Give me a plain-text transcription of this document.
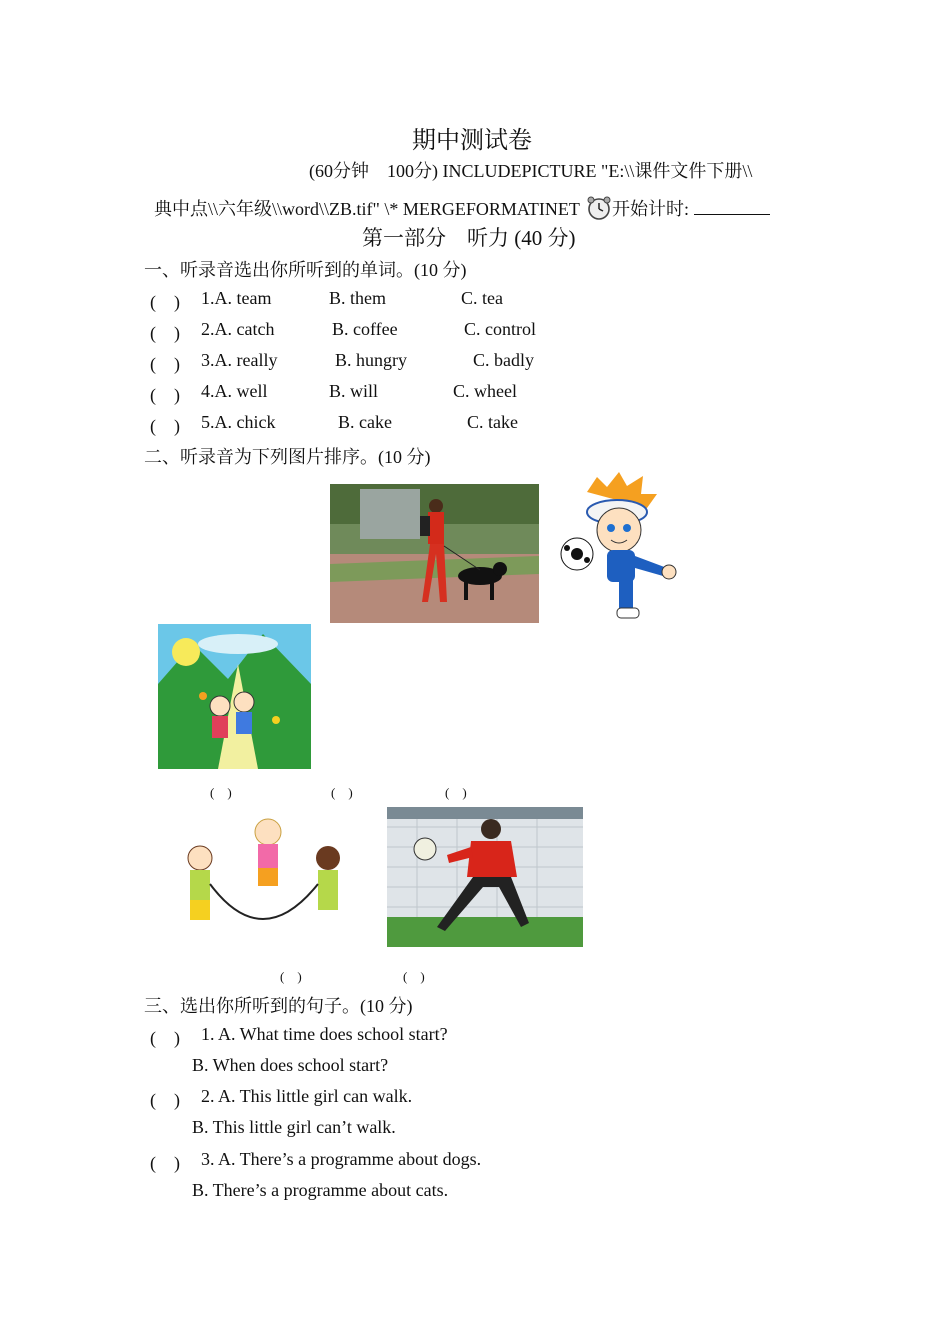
期中测试卷
(60分钟　100分) INCLUDEPICTURE "E:\\课件文件下册\\
典中点\\六年级\\word\\ZB.tif" \* MERGEFORMATINET 开始计时:
第一部分　听力 (40 分)
一、听录音选出你所听到的单词。(10 分)
(　) 1.A. team	B. them	C. tea
(　) 2.A. catch	B. coffee	C. control
(　) 3.A. really	B. hungry	C. badly
(　) 4.A. well	B. will	C. wheel
(　) 5.A. chick	B. cake	C. take
二、听录音为下列图片排序。(10 分)
(　)	(　)	(　)
(　)	(　)
三、选出你所听到的句子。(10 分)
(　) 1. A. What time does school start?
B. When does school start?
(　) 2. A. This little girl can walk.
B. This little girl can’t walk.
(　) 3. A. There’s a programme about dogs.
B. There’s a programme about cats.
